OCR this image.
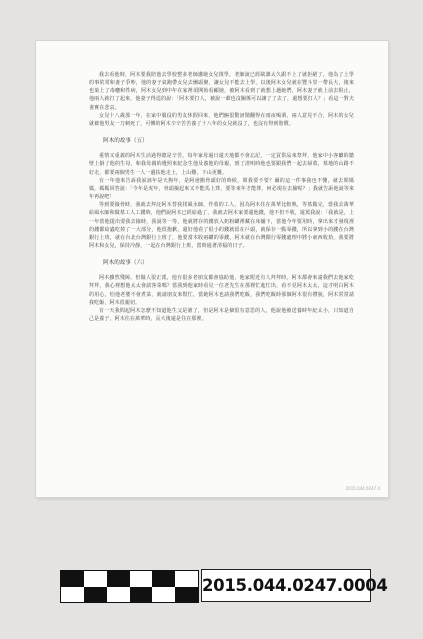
我去看他時，阿木要我陪他去學校整多老師講她女兒復學，老師說已經缺課太久跟不上了就拒絕了，他為了上學的事常常和妻子爭吵，他的妻子氣跑帶女兒去團頭聚，讓女兒不能去上學，以後阿木女兒就在豐斗里一帶長大，後來也染上了毒癮和性病，阿木女兒到中年在家裡須開始看顧她，被阿木看到了就想上趟她們，阿木妻子就上前去阻止，他兩人就打了起來，他妻子得逞的說：「阿木要打人，被說一輩也沒關係可以讓了了去了，還想要打人？」看這一對夫妻實在悲哀。

女兒十八歲那一年，在家中服役的男友休假回來，他們倆很驚訝鬧翻得在雨夜喝酒，兩人意見不合，阿木的女兒就被他男友一刀刺死了，可憐的阿木辛辛苦苦養了十八年的女兒就沒了，也沒有得到賠償。

阿木的故事（五）

重情又重義的阿木生活過得總是辛苦，每年家母過日還天地都不會忘記，一定買供品來祭拜，他家中小客廳的牆壁上掛了他的生母，和我母親的遺照來紀念生他及養他的母親，到了清明時他也要跟我們一起去掃墓，墓地的山路不好走，都要兩個男生一人一邊扶他走上，上山難，下山更難。

有一年他來告訴我說該年是天狗年，是阿爸搬骨頭好的時候，問我要不要？爾的這一件事我也不懂，就去問媽媽，媽媽回答說：「今年是虎年，骨頭撿起來又不能馬上葬，要等來年才能葬，何必現在去撿呢？」我就告訴他說等來年再說吧！

等到要撿骨時，我就去拜託阿木替我找風水師，作墓的工人，因為阿木住在萬華比較熟，等墓做完，當我去萬華給風水師和做墓工人工錢時，他們說阿木已經給過了，我就去阿木家要還他錢，他不但不收，還罵我說：「我就是，上一年當他提出要我去撿時，我說等一等，他就將存的錢放入奶粉罐裡藏在床舖下，當他今年要用時，拿出來才發現裡的錢都給蟲吃掉了一大部分，他很抱歉，還好他看了很小的錢就留在戶頭，就保存一點零錢，所以拿到小的錢在台灣銀行上班，就在台北台灣銀行上班了，他要當木收兩罐的零錢，阿木就在台灣銀行零錢處理中將小東西收拾，我要將阿木和女兒，保持冷靜，一起在台灣銀行上班，當時過著清福的日子。

阿木的故事（六）

阿木雖然殘障，但做人很正派，他有很多老朋友都會協助他，他家附近有人拜拜時，阿木都會來請我們去他家吃拜拜，我心裡想他太太會請客菜嗎？當我到他家時看見一位老先生在那裡忙進忙出，看不見阿木太太，這才明白阿木的用心，怕他老婆不會煮菜，就請朋友來幫忙，當她阿木也請我們吃飯，我們吃飯時那個阿木很有禮貌，阿木常常請我吃飯，阿木很親切。

有一天我問起阿木怎麼不知道他生父是誰了，但是阿木是個很有意思的人，他說他被送養時年紀太小，只知道自己是養子，阿木住在萬華時，長大後還是住在那裡。

2015.044.0247.4
2015.044.0247.0004
